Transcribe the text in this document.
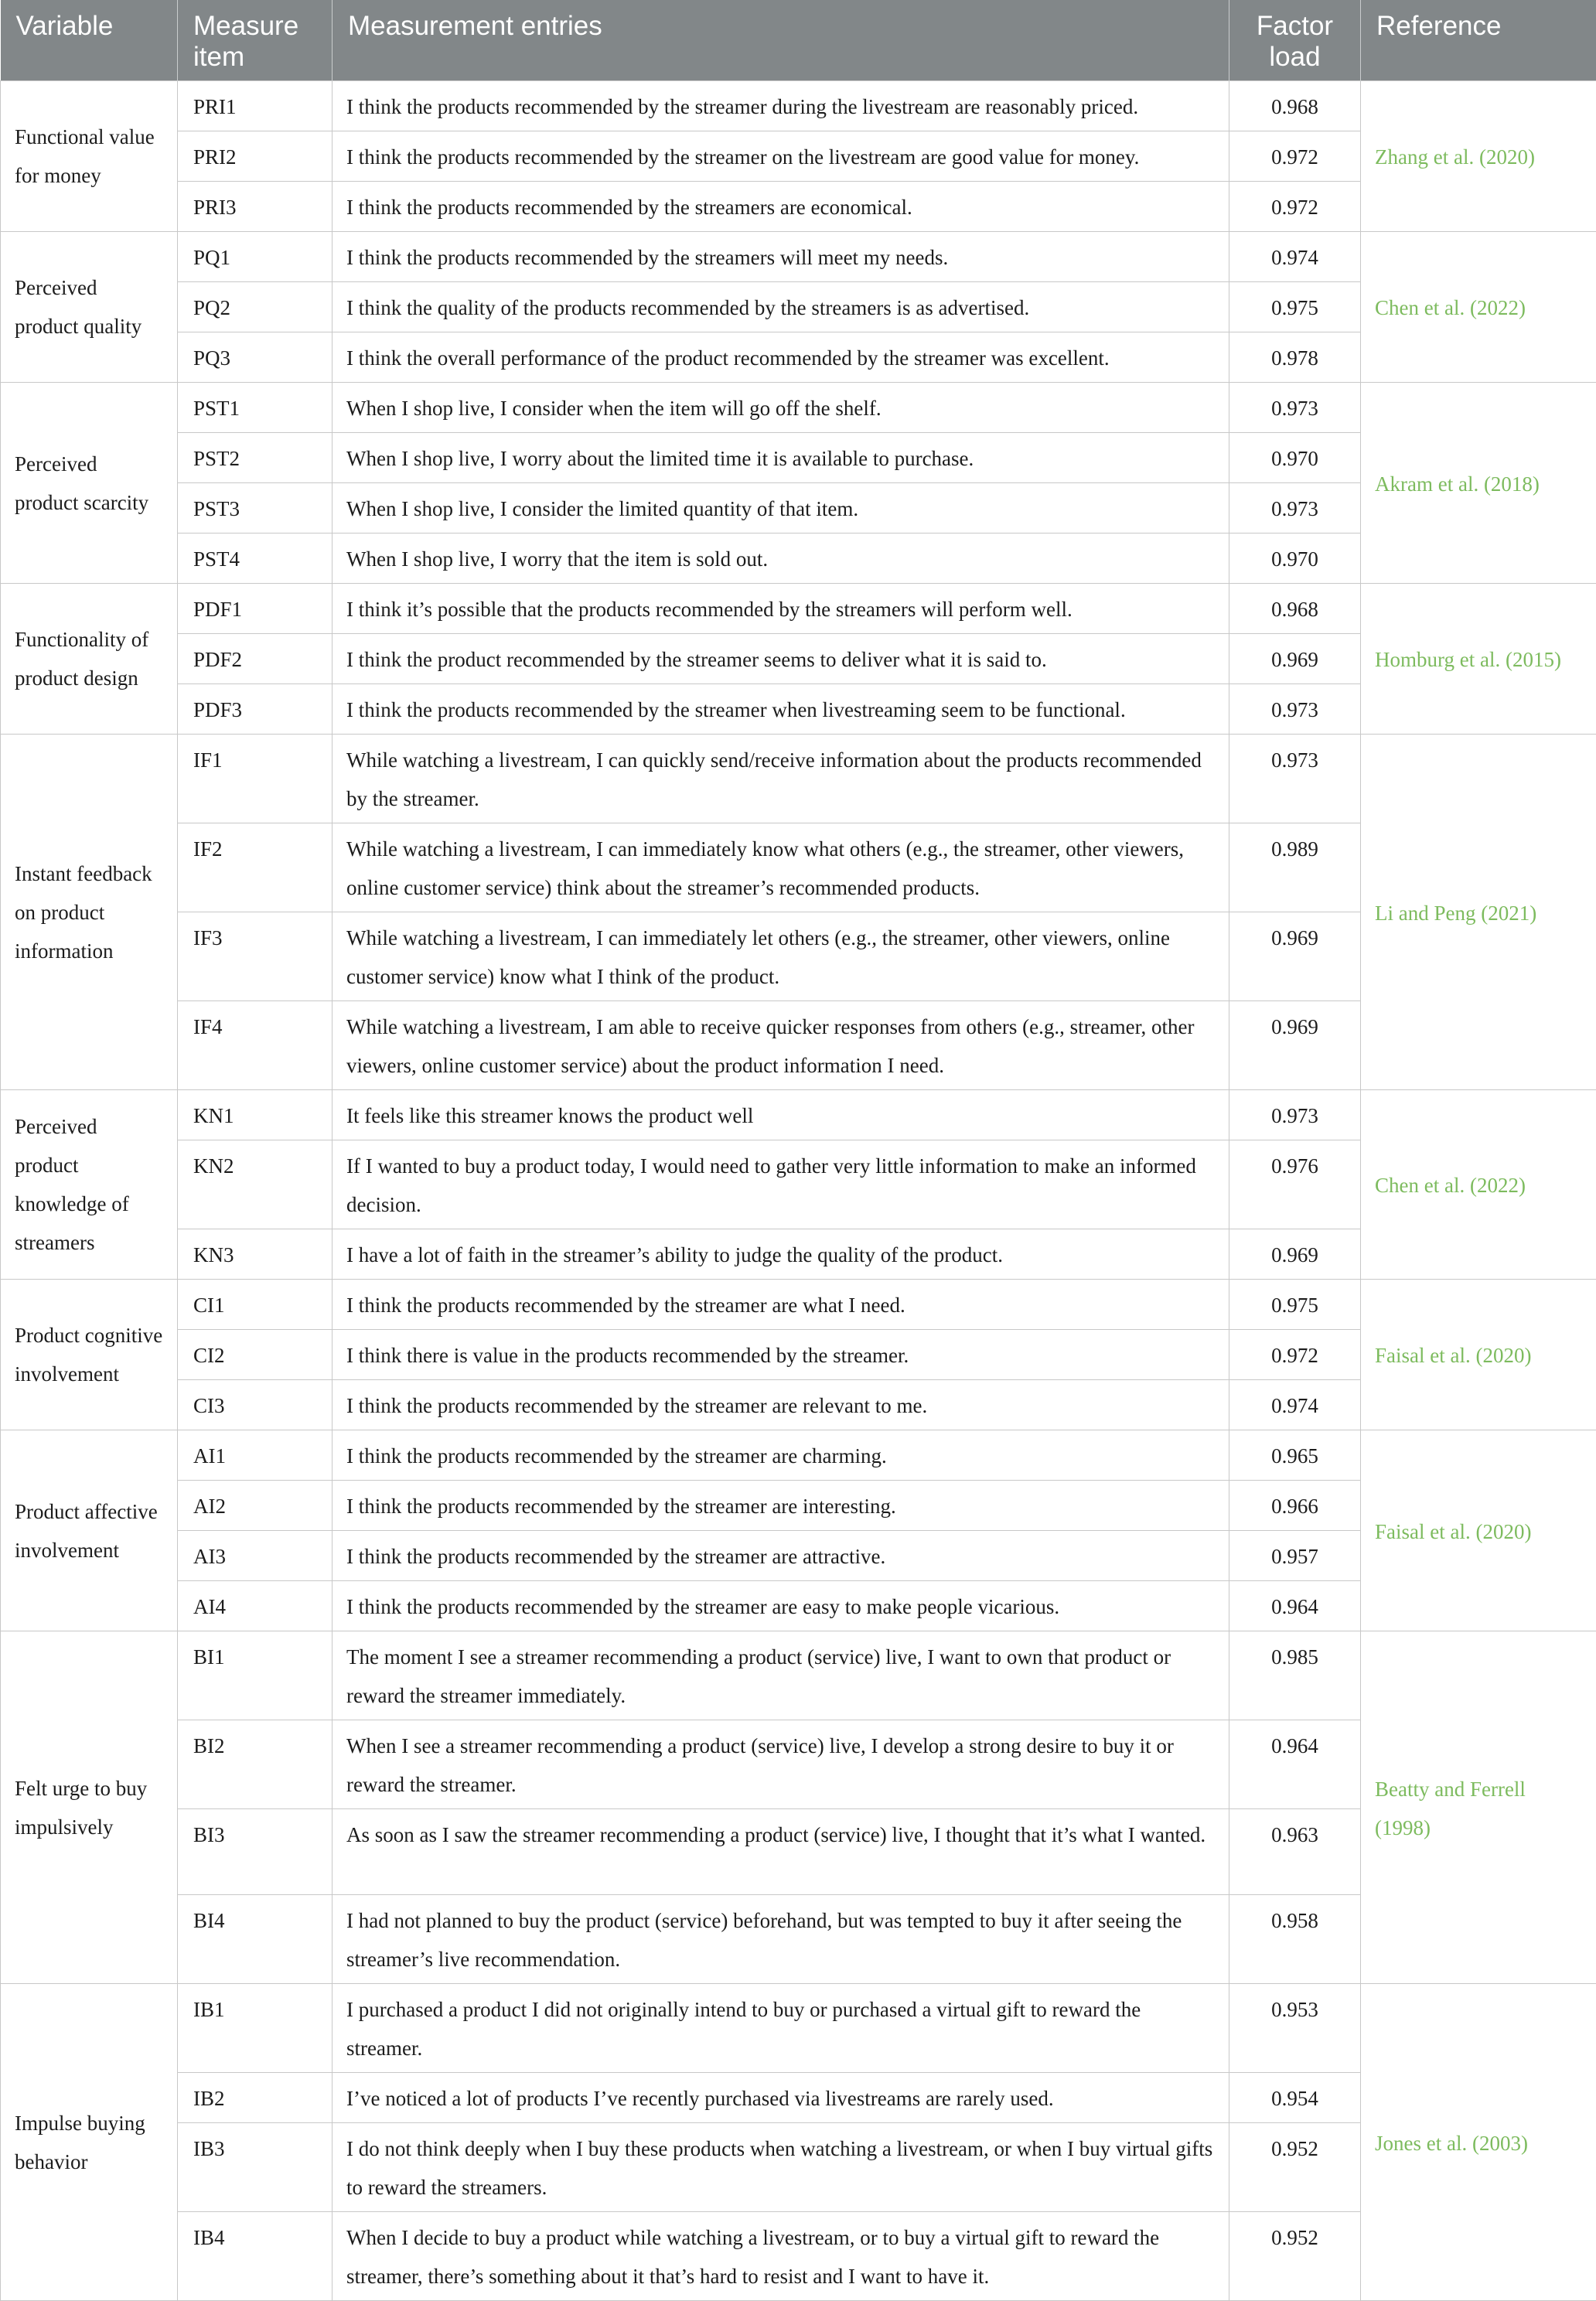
Variable	Measure item	Measurement entries	Factor load	Reference
Functional value for money	PRI1	I think the products recommended by the streamer during the livestream are reasonably priced.	0.968	Zhang et al. (2020)
	PRI2	I think the products recommended by the streamer on the livestream are good value for money.	0.972	
	PRI3	I think the products recommended by the streamers are economical.	0.972	
Perceived product quality	PQ1	I think the products recommended by the streamers will meet my needs.	0.974	Chen et al. (2022)
	PQ2	I think the quality of the products recommended by the streamers is as advertised.	0.975	
	PQ3	I think the overall performance of the product recommended by the streamer was excellent.	0.978	
Perceived product scarcity	PST1	When I shop live, I consider when the item will go off the shelf.	0.973	Akram et al. (2018)
	PST2	When I shop live, I worry about the limited time it is available to purchase.	0.970	
	PST3	When I shop live, I consider the limited quantity of that item.	0.973	
	PST4	When I shop live, I worry that the item is sold out.	0.970	
Functionality of product design	PDF1	I think it’s possible that the products recommended by the streamers will perform well.	0.968	Homburg et al. (2015)
	PDF2	I think the product recommended by the streamer seems to deliver what it is said to.	0.969	
	PDF3	I think the products recommended by the streamer when livestreaming seem to be functional.	0.973	
Instant feedback on product information	IF1	While watching a livestream, I can quickly send/receive information about the products recommended by the streamer.	0.973	Li and Peng (2021)
	IF2	While watching a livestream, I can immediately know what others (e.g., the streamer, other viewers, online customer service) think about the streamer’s recommended products.	0.989	
	IF3	While watching a livestream, I can immediately let others (e.g., the streamer, other viewers, online customer service) know what I think of the product.	0.969	
	IF4	While watching a livestream, I am able to receive quicker responses from others (e.g., streamer, other viewers, online customer service) about the product information I need.	0.969	
Perceived product knowledge of streamers	KN1	It feels like this streamer knows the product well	0.973	Chen et al. (2022)
	KN2	If I wanted to buy a product today, I would need to gather very little information to make an informed decision.	0.976	
	KN3	I have a lot of faith in the streamer’s ability to judge the quality of the product.	0.969	
Product cognitive involvement	CI1	I think the products recommended by the streamer are what I need.	0.975	Faisal et al. (2020)
	CI2	I think there is value in the products recommended by the streamer.	0.972	
	CI3	I think the products recommended by the streamer are relevant to me.	0.974	
Product affective involvement	AI1	I think the products recommended by the streamer are charming.	0.965	Faisal et al. (2020)
	AI2	I think the products recommended by the streamer are interesting.	0.966	
	AI3	I think the products recommended by the streamer are attractive.	0.957	
	AI4	I think the products recommended by the streamer are easy to make people vicarious.	0.964	
Felt urge to buy impulsively	BI1	The moment I see a streamer recommending a product (service) live, I want to own that product or reward the streamer immediately.	0.985	Beatty and Ferrell (1998)
	BI2	When I see a streamer recommending a product (service) live, I develop a strong desire to buy it or reward the streamer.	0.964	
	BI3	As soon as I saw the streamer recommending a product (service) live, I thought that it’s what I wanted.	0.963	
	BI4	I had not planned to buy the product (service) beforehand, but was tempted to buy it after seeing the streamer’s live recommendation.	0.958	
Impulse buying behavior	IB1	I purchased a product I did not originally intend to buy or purchased a virtual gift to reward the streamer.	0.953	Jones et al. (2003)
	IB2	I’ve noticed a lot of products I’ve recently purchased via livestreams are rarely used.	0.954	
	IB3	I do not think deeply when I buy these products when watching a livestream, or when I buy virtual gifts to reward the streamers.	0.952	
	IB4	When I decide to buy a product while watching a livestream, or to buy a virtual gift to reward the streamer, there’s something about it that’s hard to resist and I want to have it.	0.952	
